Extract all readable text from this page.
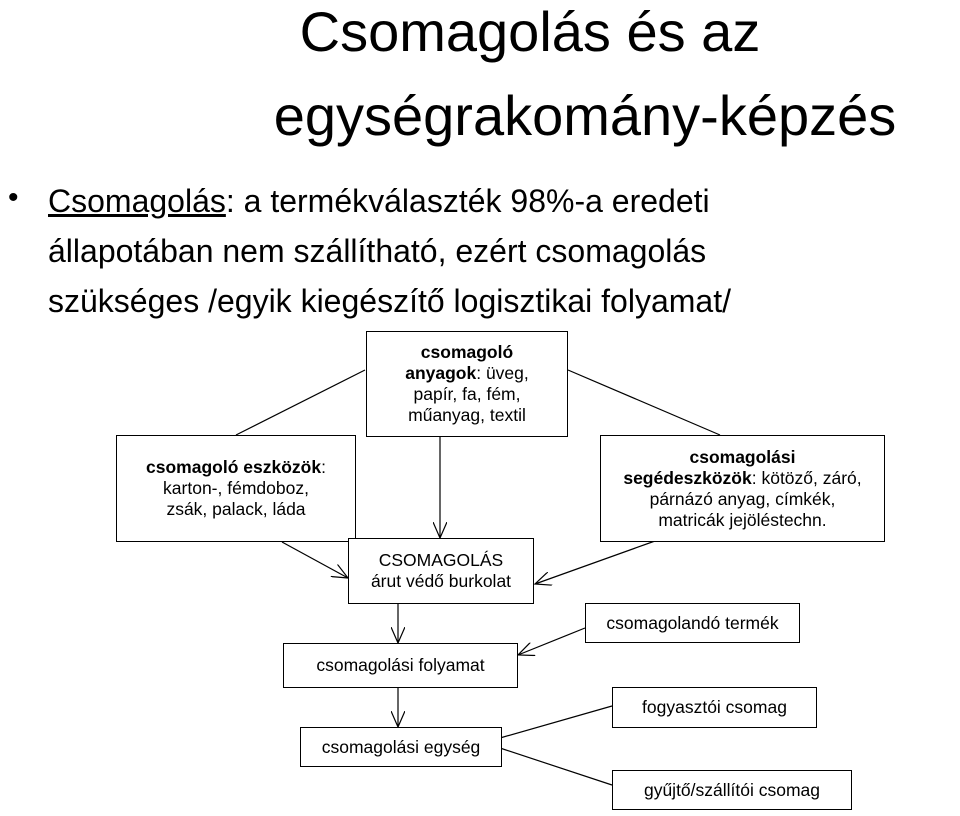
Csomagolás és az
egységrakomány-képzés
• Csomagolás: a termékválaszték 98%-a eredeti
állapotában nem szállítható, ezért csomagolás
szükséges /egyik kiegészítő logisztikai folyamat/
csomagoló
anyagok: üveg,
papír, fa, fém,
műanyag, textil
csomagoló eszközök:
karton-, fémdoboz,
zsák, palack, láda
csomagolási
segédeszközök: kötöző, záró,
párnázó anyag, címkék,
matricák jejöléstechn.
CSOMAGOLÁS
árut védő burkolat
csomagolandó termék
csomagolási folyamat
fogyasztói csomag
csomagolási egység
gyűjtő/szállítói csomag
